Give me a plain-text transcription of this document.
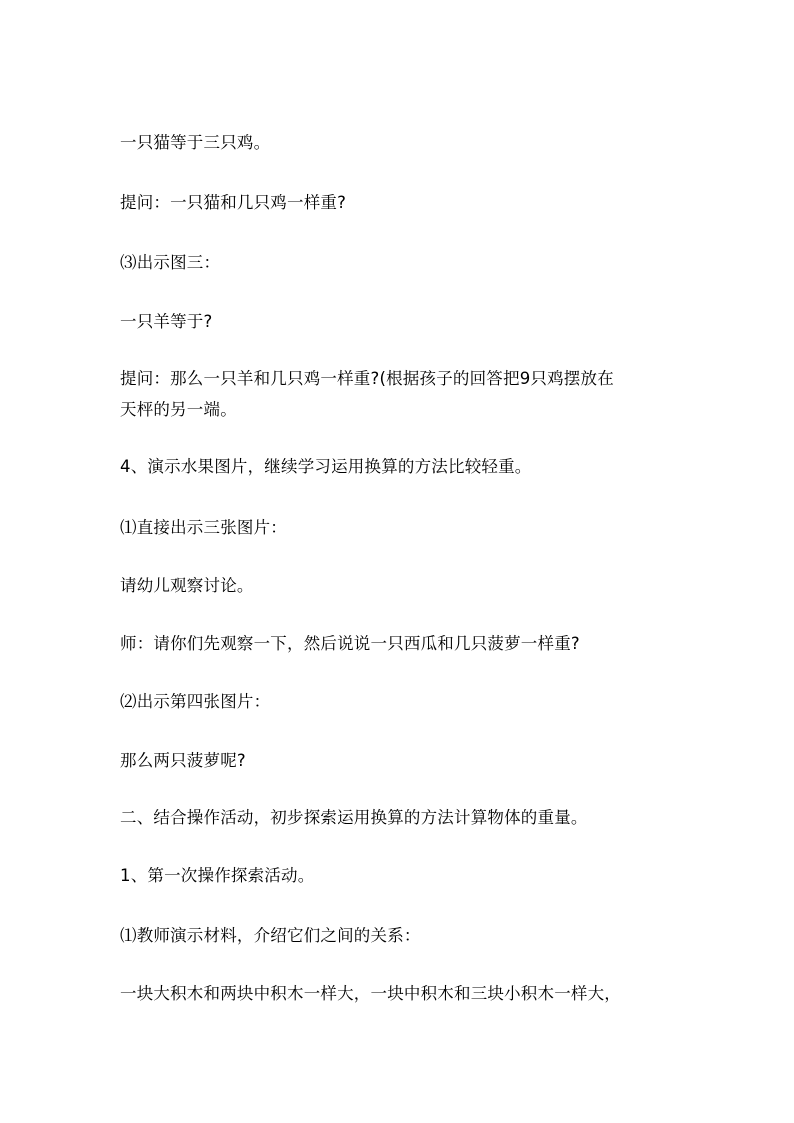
一只猫等于三只鸡。
提问：一只猫和几只鸡一样重?
⑶出示图三：
一只羊等于?
提问：那么一只羊和几只鸡一样重?(根据孩子的回答把9只鸡摆放在
天枰的另一端。
4、演示水果图片，继续学习运用换算的方法比较轻重。
⑴直接出示三张图片：
请幼儿观察讨论。
师：请你们先观察一下，然后说说一只西瓜和几只菠萝一样重?
⑵出示第四张图片：
那么两只菠萝呢?
二、结合操作活动，初步探索运用换算的方法计算物体的重量。
1、第一次操作探索活动。
⑴教师演示材料，介绍它们之间的关系：
一块大积木和两块中积木一样大，一块中积木和三块小积木一样大，
